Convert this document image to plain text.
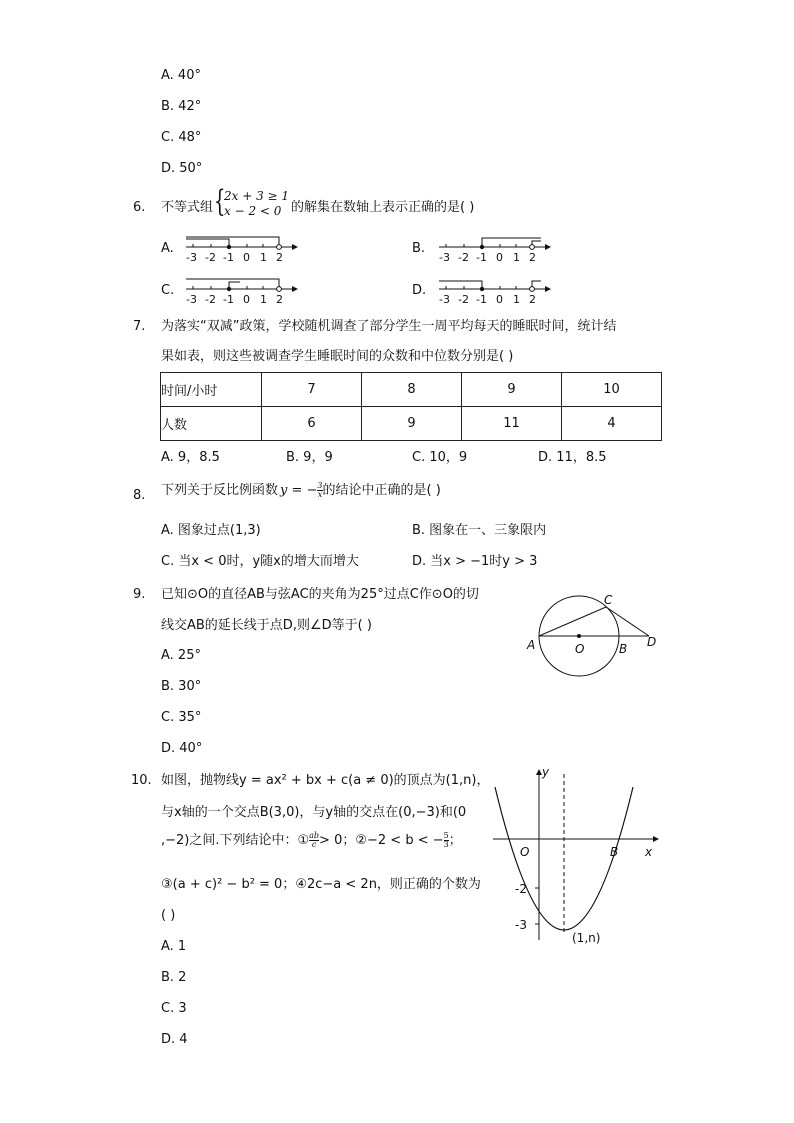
A. 40°
B. 42°
C. 48°
D. 50°
6. 不等式组 {
2x + 3 ≥ 1
x − 2 < 0 的解集在数轴上表示正确的是( )
A.	B.
C.	D.
-3 -2 -1 0 1 2	-3 -2 -1 0 1 2
-3 -2 -1 0 1 2	-3 -2 -1 0 1 2
7. 为落实“双减”政策，学校随机调查了部分学生一周平均每天的睡眠时间，统计结
果如表，则这些被调查学生睡眠时间的众数和中位数分别是( )
时间/小时	7	8	9	10
人数	6	9	11	4
A. 9，8.5	B. 9，9	C. 10，9	D. 11，8.5
8. 下列关于反比例函数 y = − $\frac{3}{x}$ 的结论中正确的是( )
A. 图象过点(1,3)	B. 图象在一、三象限内
C. 当x < 0时，y随x的增大而增大	D. 当x > −1时y > 3
9. 已知⊙O的直径AB与弦AC的夹角为25°过点C作⊙O的切
线交AB的延长线于点D,则∠D等于( )
A. 25°
B. 30°
C. 35°
D. 40°
A	O	B
C
D
10. 如图，抛物线y = ax² + bx + c(a ≠ 0)的顶点为(1,n)，
与x轴的一个交点B(3,0)，与y轴的交点在(0,−3)和(0
,−2)之间.下列结论中：① $\frac{ab}{c} > 0$；②−2 < b < − $\frac{5}{3}$ ；
③(a + c)² − b² = 0；④2c−a < 2n，则正确的个数为
( )
A. 1
B. 2
C. 3
D. 4
y
x
O	B
-2
-3
(1,n)
